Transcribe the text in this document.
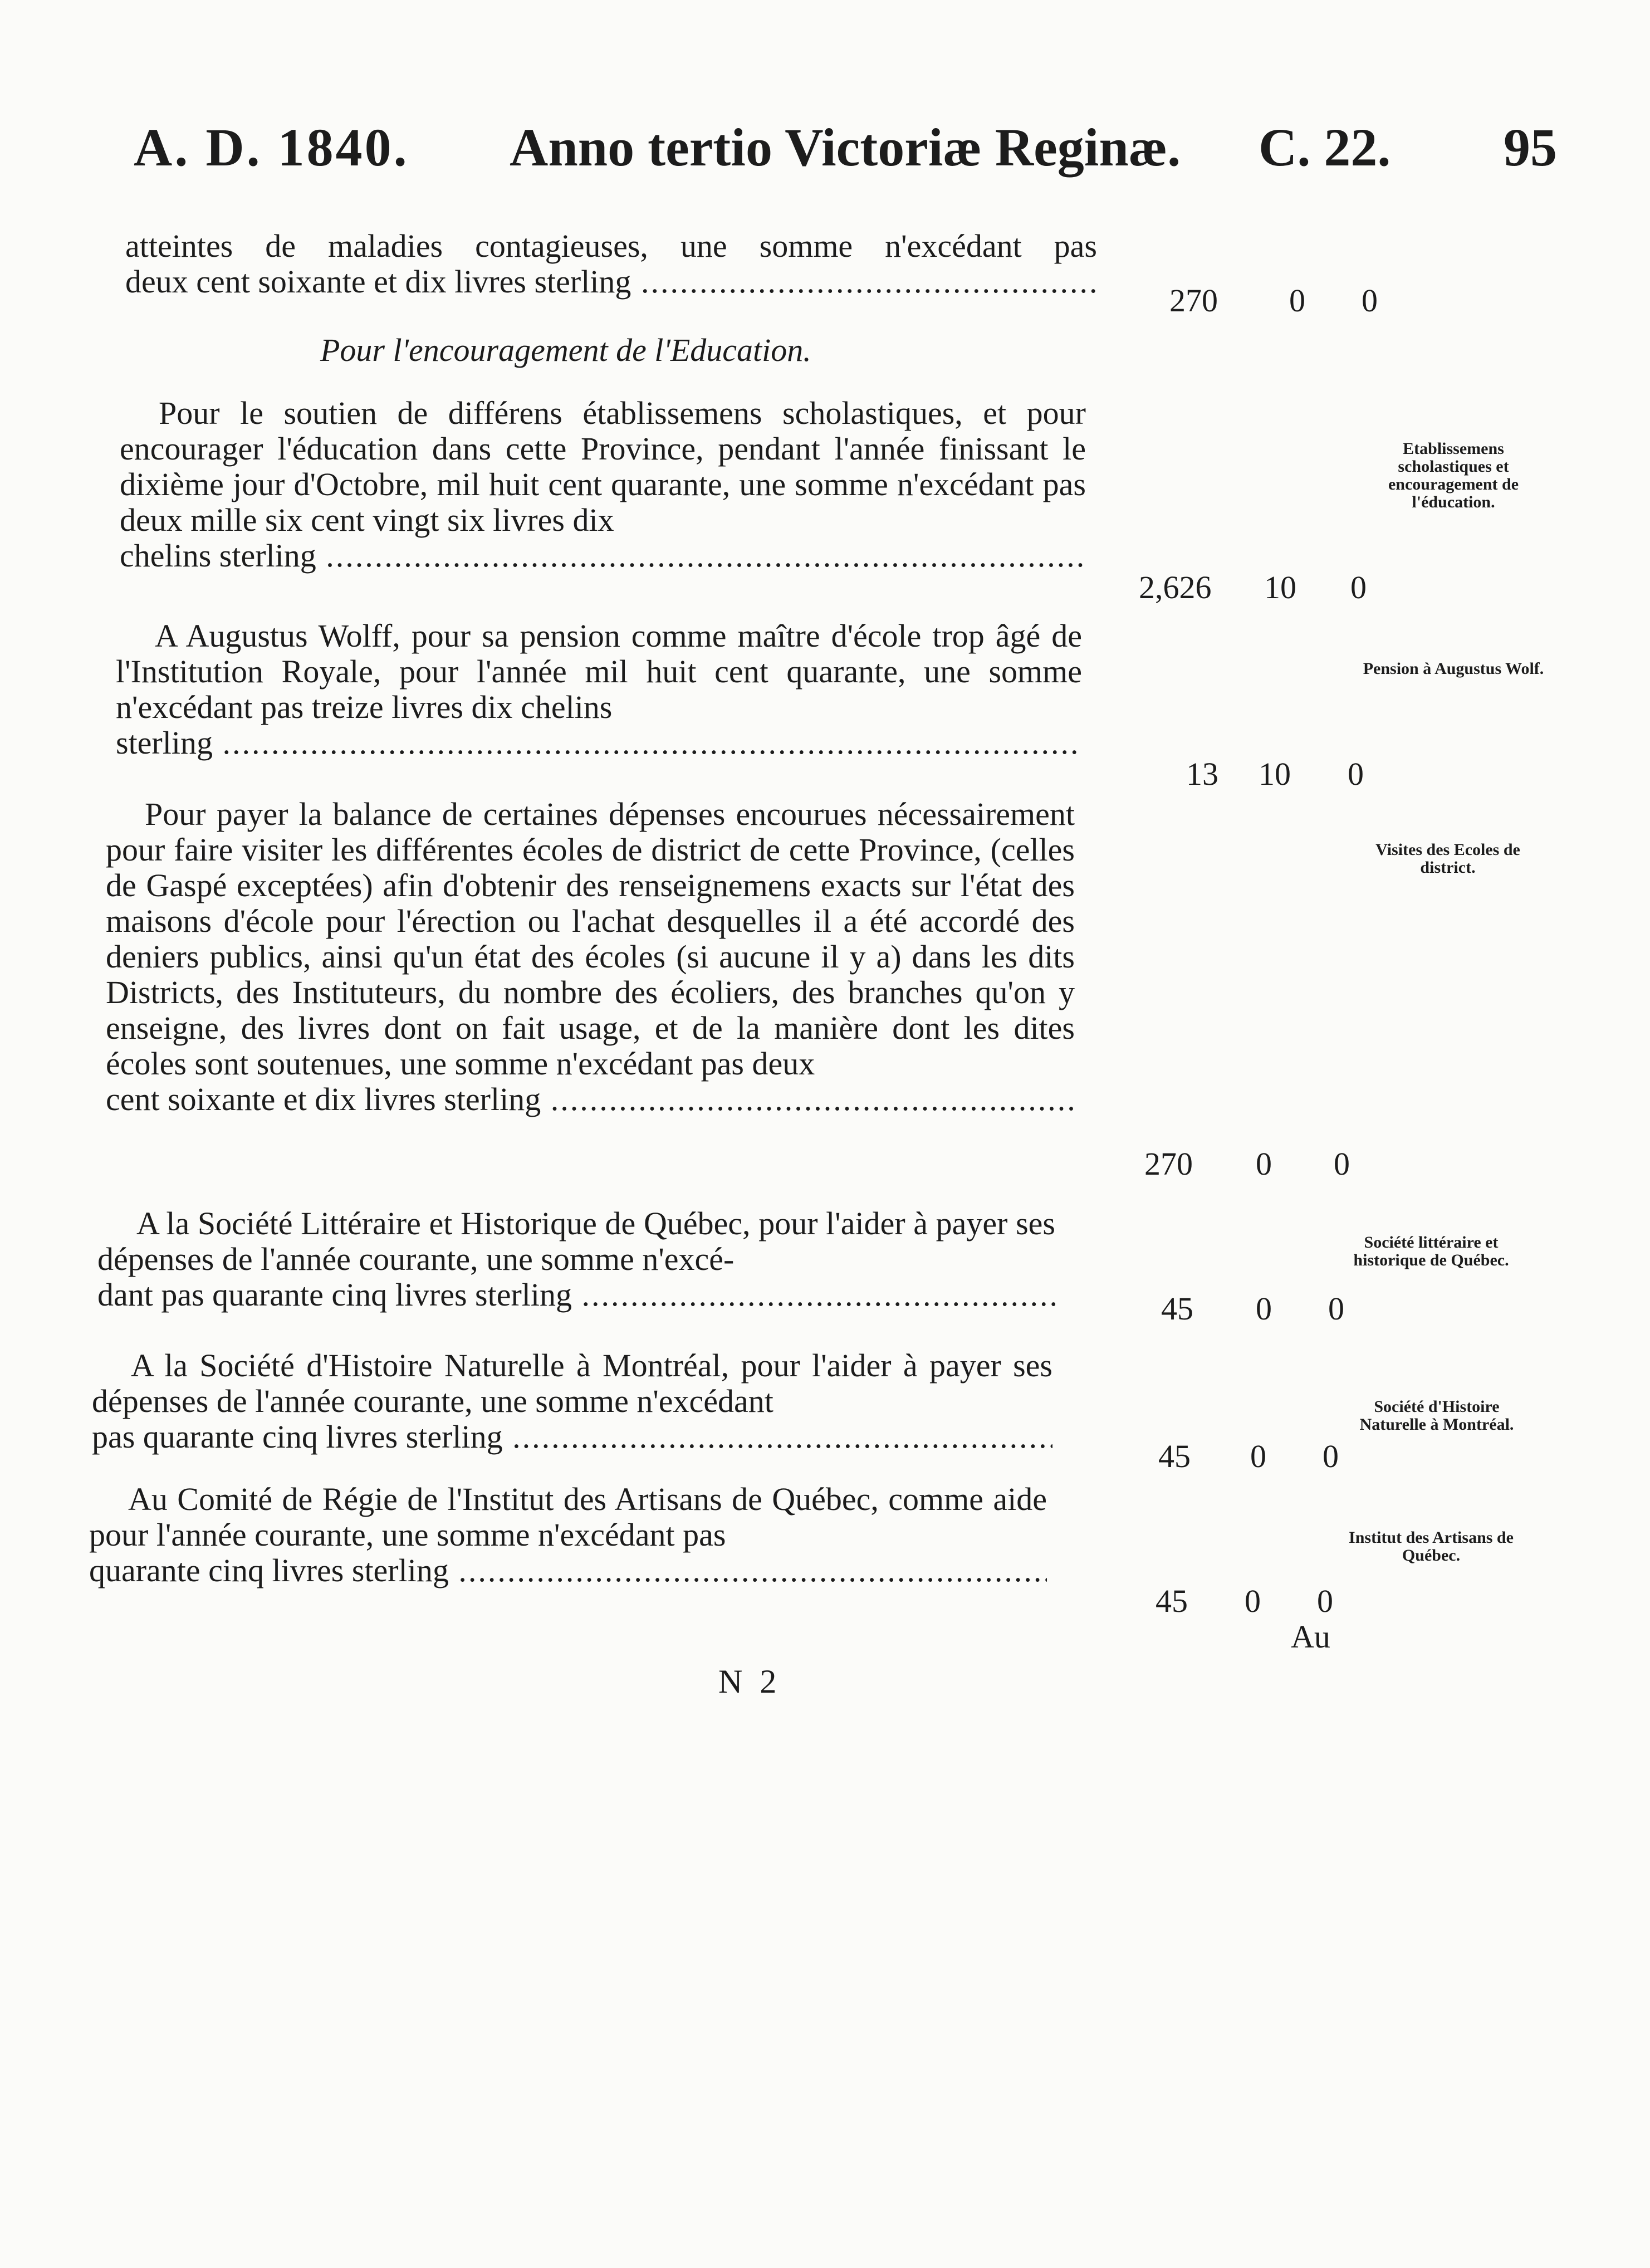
A. D. 1840. Anno tertio Victoriæ Reginæ. C. 22. 95

atteintes de maladies contagieuses, une somme n'excédant pas

deux cent soixante et dix livres sterling .....
270 0 0
Pour l'encouragement de l'Education.

Pour le soutien de différens établissemens scholastiques, et pour encourager l'éducation dans cette Province, pendant l'année finissant le dixième jour d'Octobre, mil huit cent quarante, une somme n'excédant pas deux mille six cent vingt six livres dix

chelins sterling .....
2,626 10 0
Etablissemens scholastiques et encouragement de l'éducation.

A Augustus Wolff, pour sa pension comme maître d'école trop âgé de l'Institution Royale, pour l'année mil huit cent quarante, une somme n'excédant pas treize livres dix chelins

sterling .....
13 10 0
Pension à Augustus Wolf.

Pour payer la balance de certaines dépenses encourues nécessairement pour faire visiter les différentes écoles de district de cette Province, (celles de Gaspé exceptées) afin d'obtenir des renseignemens exacts sur l'état des maisons d'école pour l'érection ou l'achat desquelles il a été accordé des deniers publics, ainsi qu'un état des écoles (si aucune il y a) dans les dits Districts, des Instituteurs, du nombre des écoliers, des branches qu'on y enseigne, des livres dont on fait usage, et de la manière dont les dites écoles sont soutenues, une somme n'excédant pas deux

cent soixante et dix livres sterling .....
270 0 0
Visites des Ecoles de district.

A la Société Littéraire et Historique de Québec, pour l'aider à payer ses dépenses de l'année courante, une somme n'excé-

dant pas quarante cinq livres sterling .....	45 0 0
Société littéraire et historique de Québec.

A la Société d'Histoire Naturelle à Montréal, pour l'aider à payer ses dépenses de l'année courante, une somme n'excédant

pas quarante cinq livres sterling .....
45 0 0
Société d'Histoire Naturelle à Montréal.

Au Comité de Régie de l'Institut des Artisans de Québec, comme aide pour l'année courante, une somme n'excédant pas

quarante cinq livres sterling .....
45 0 0
Institut des Artisans de Québec.
Au
N 2
